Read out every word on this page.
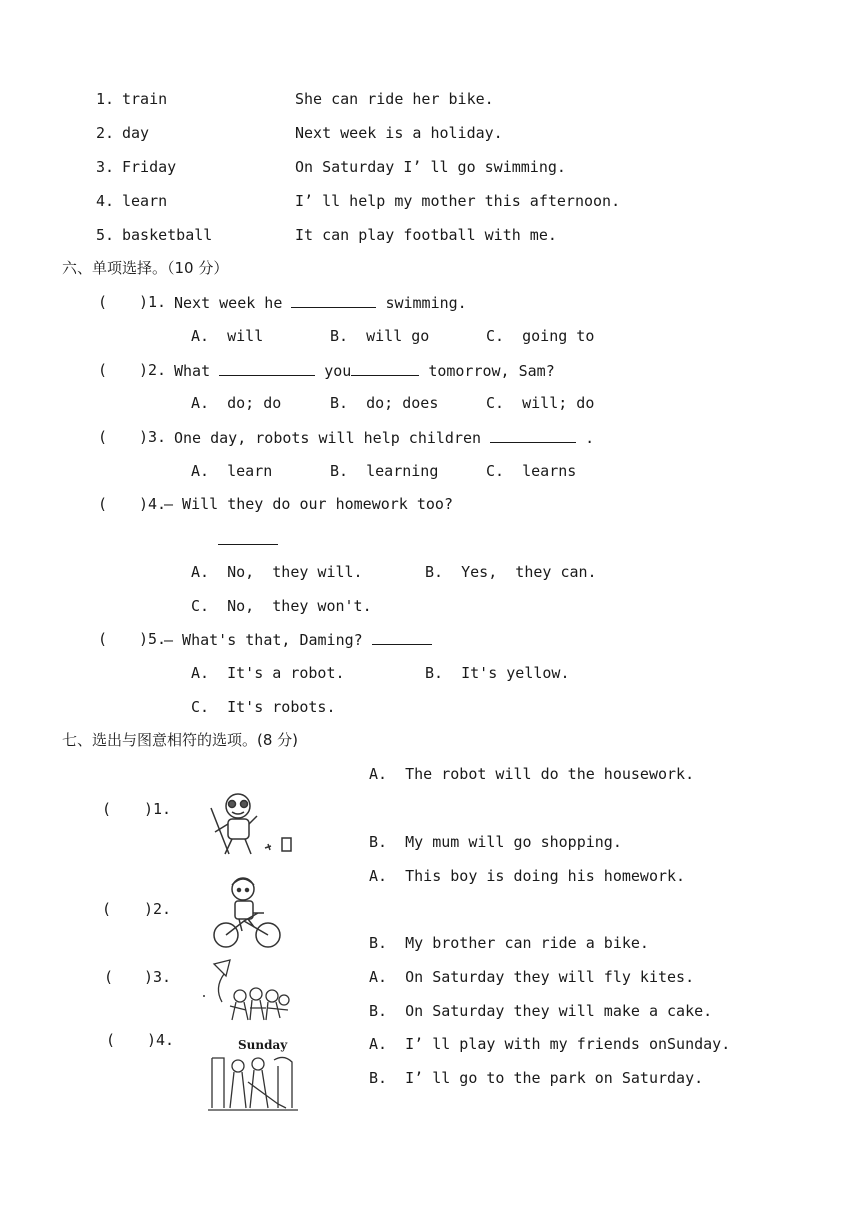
1. train	She can ride her bike.
2. day	Next week is a holiday.
3. Friday	On Saturday I’ ll go swimming.
4. learn	I’ ll help my mother this afternoon.
5. basketball	It can play football with me.
六、单项选择。（10 分）
( )1. Next week he	swimming.
A.  will	B.  will go	C.  going to
( )2. What	you	tomorrow, Sam?
A.  do; do	B.  do; does	C.  will; do
( )3. One day, robots will help children	.
A.  learn	B.  learning	C.  learns
( )4.
— Will they do our homework too?
A.  No,  they will.	B.  Yes,  they can.
C.  No,  they won't.
( )5.
— What's that, Daming?
A.  It's a robot.	B.  It's yellow.
C.  It's robots.
七、选出与图意相符的选项。(8 分)
A.  The robot will do the housework.
( )1.
B.  My mum will go shopping.
A.  This boy is doing his homework.
( )2.
B.  My brother can ride a bike.
( )3.	A.  On Saturday they will fly kites.
B.  On Saturday they will make a cake.
( )4.	Sunday	A.  I’ ll play with my friends onSunday.
B.  I’ ll go to the park on Saturday.
